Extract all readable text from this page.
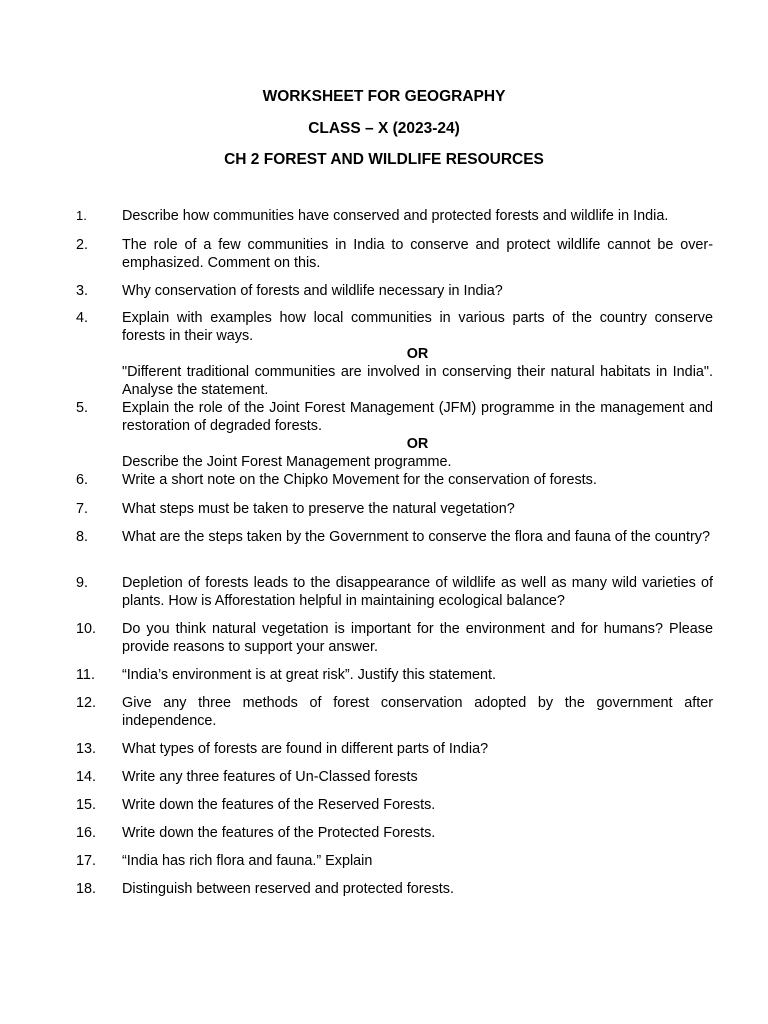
WORKSHEET FOR GEOGRAPHY
CLASS – X (2023-24)
CH 2 FOREST AND WILDLIFE RESOURCES
1. Describe how communities have conserved and protected forests and wildlife in India.
2. The role of a few communities in India to conserve and protect wildlife cannot be over-emphasized. Comment on this.
3. Why conservation of forests and wildlife necessary in India?
4. Explain with examples how local communities in various parts of the country conserve forests in their ways.
OR
"Different traditional communities are involved in conserving their natural habitats in India". Analyse the statement.
5. Explain the role of the Joint Forest Management (JFM) programme in the management and restoration of degraded forests.
OR
Describe the Joint Forest Management programme.
6. Write a short note on the Chipko Movement for the conservation of forests.
7. What steps must be taken to preserve the natural vegetation?
8. What are the steps taken by the Government to conserve the flora and fauna of the country?
9. Depletion of forests leads to the disappearance of wildlife as well as many wild varieties of plants. How is Afforestation helpful in maintaining ecological balance?
10. Do you think natural vegetation is important for the environment and for humans? Please provide reasons to support your answer.
11. “India’s environment is at great risk”. Justify this statement.
12. Give any three methods of forest conservation adopted by the government after independence.
13. What types of forests are found in different parts of India?
14. Write any three features of Un-Classed forests
15. Write down the features of the Reserved Forests.
16. Write down the features of the Protected Forests.
17. “India has rich flora and fauna.” Explain
18. Distinguish between reserved and protected forests.
